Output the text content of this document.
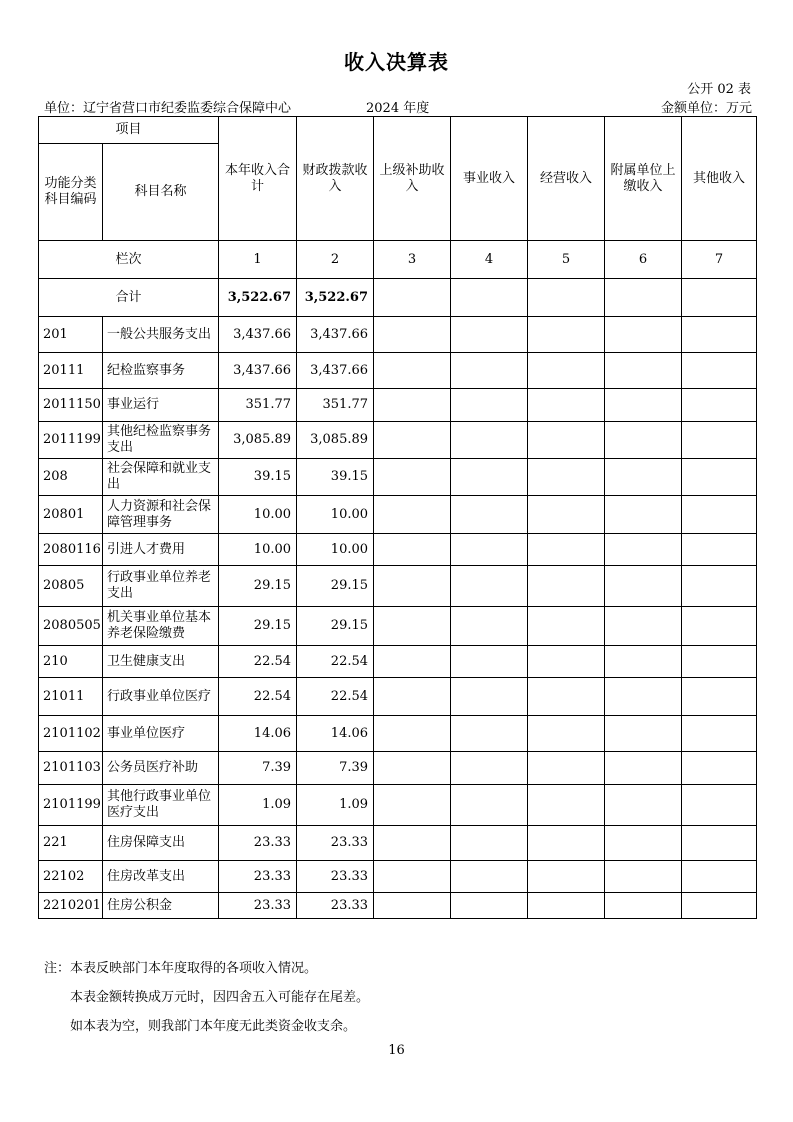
收入决算表
公开 02 表
单位：辽宁省营口市纪委监委综合保障中心	2024 年度	金额单位：万元
项目		本年收入合计	财政拨款收入	上级补助收入	事业收入	经营收入	附属单位上缴收入	其他收入
功能分类科目编码	科目名称							
栏次		1	2	3	4	5	6	7
合计		3,522.67	3,522.67					
201	一般公共服务支出	3,437.66	3,437.66					
20111	纪检监察事务	3,437.66	3,437.66					
2011150	事业运行	351.77	351.77					
2011199	其他纪检监察事务支出	3,085.89	3,085.89					
208	社会保障和就业支出	39.15	39.15					
20801	人力资源和社会保障管理事务	10.00	10.00					
2080116	引进人才费用	10.00	10.00					
20805	行政事业单位养老支出	29.15	29.15					
2080505	机关事业单位基本养老保险缴费	29.15	29.15					
210	卫生健康支出	22.54	22.54					
21011	行政事业单位医疗	22.54	22.54					
2101102	事业单位医疗	14.06	14.06					
2101103	公务员医疗补助	7.39	7.39					
2101199	其他行政事业单位医疗支出	1.09	1.09					
221	住房保障支出	23.33	23.33					
22102	住房改革支出	23.33	23.33					
2210201	住房公积金	23.33	23.33					
注：本表反映部门本年度取得的各项收入情况。
本表金额转换成万元时，因四舍五入可能存在尾差。
如本表为空，则我部门本年度无此类资金收支余。
16
